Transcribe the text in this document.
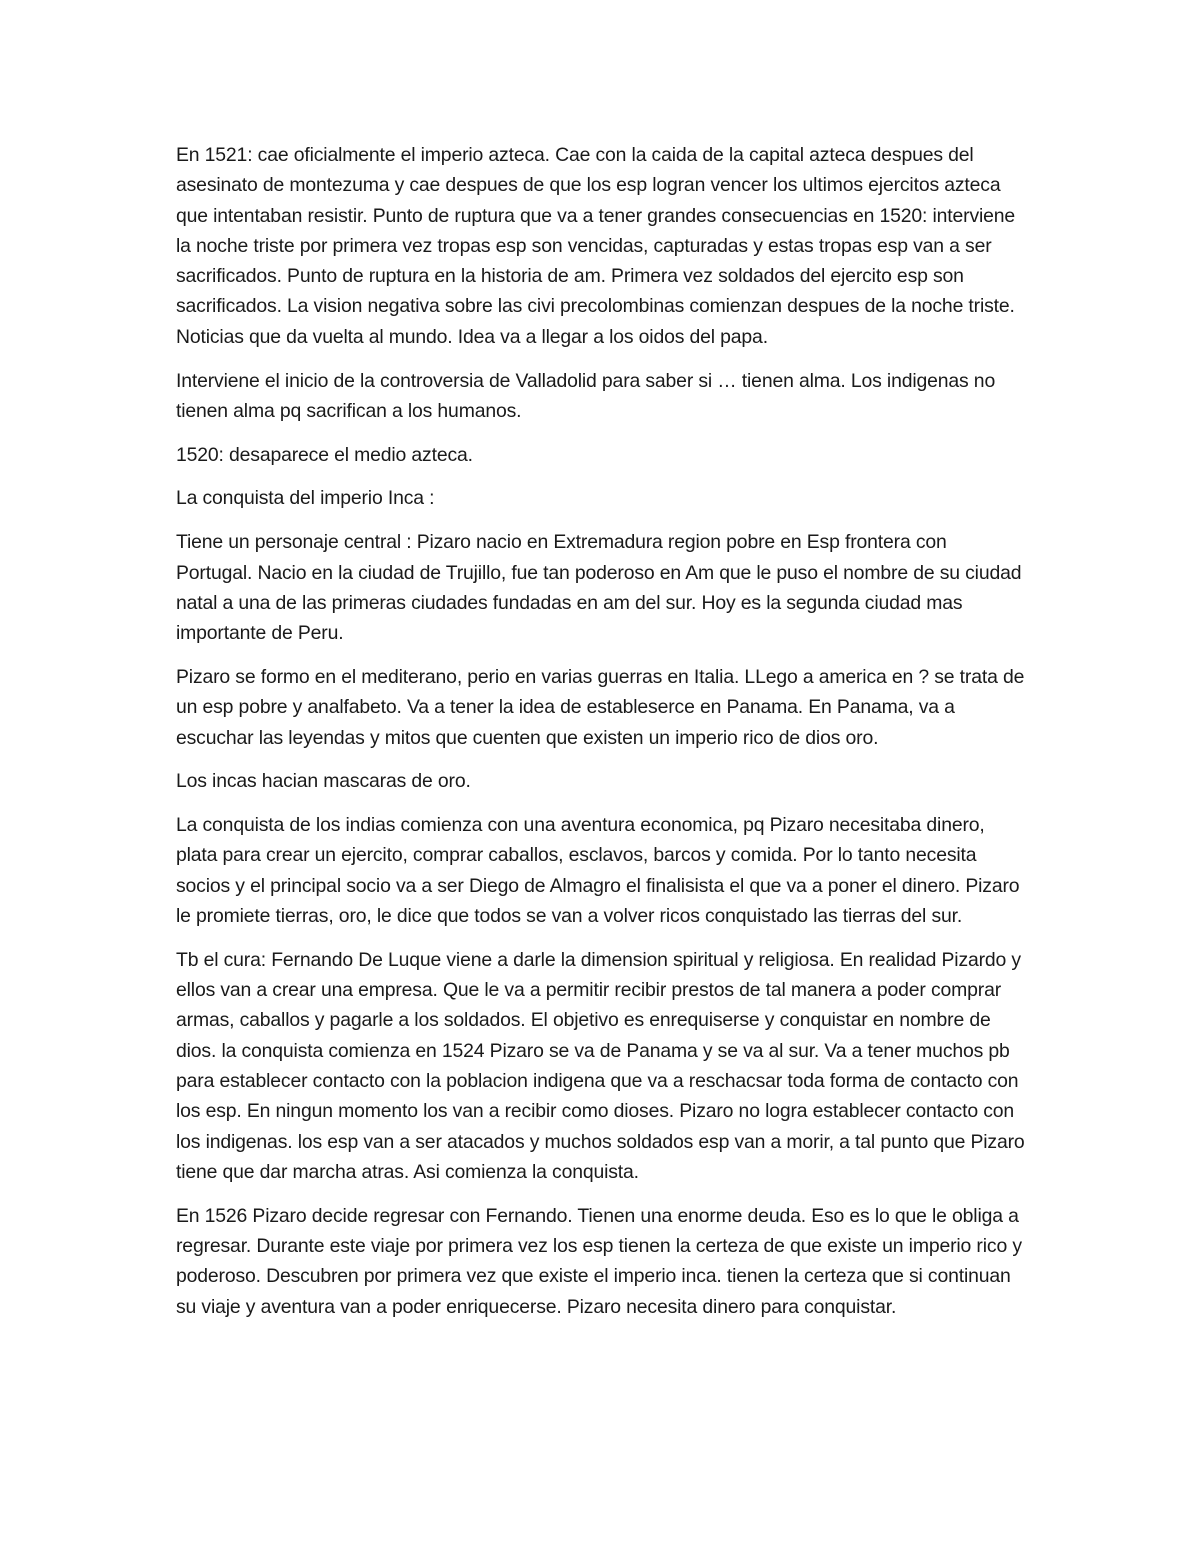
En 1521: cae oficialmente el imperio azteca. Cae con la caida de la capital azteca despues del asesinato de montezuma y cae despues de que los esp logran vencer los ultimos ejercitos azteca que intentaban resistir. Punto de ruptura que va a tener grandes consecuencias en 1520: interviene la noche triste por primera vez tropas esp son vencidas, capturadas y estas tropas esp van a ser sacrificados. Punto de ruptura en la historia de am. Primera vez soldados del ejercito esp son sacrificados. La vision negativa sobre las civi precolombinas comienzan despues de la noche triste. Noticias que da vuelta al mundo. Idea va a llegar a los oidos del papa.

Interviene el inicio de la controversia de Valladolid para saber si … tienen alma. Los indigenas no tienen alma pq sacrifican a los humanos.

1520: desaparece el medio azteca.

La conquista del imperio Inca :

Tiene un personaje central : Pizaro nacio en Extremadura region pobre en Esp frontera con Portugal. Nacio en la ciudad de Trujillo, fue tan poderoso en Am que le puso el nombre de su ciudad natal a una de las primeras ciudades fundadas en am del sur. Hoy es la segunda ciudad mas importante de Peru.

Pizaro se formo en el mediterano, perio en varias guerras en Italia. LLego a america en ? se trata de un esp pobre y analfabeto. Va a tener la idea de estableserce en Panama. En Panama, va a escuchar las leyendas y mitos que cuenten que existen un imperio rico de dios oro.

Los incas hacian mascaras de oro.

La conquista de los indias comienza con una aventura economica, pq Pizaro necesitaba dinero, plata para crear un ejercito, comprar caballos, esclavos, barcos y comida. Por lo tanto necesita socios y el principal socio va a ser Diego de Almagro el finalisista el que va a poner el dinero. Pizaro le promiete tierras, oro, le dice que todos se van a volver ricos conquistado las tierras del sur.

Tb el cura: Fernando De Luque viene a darle la dimension spiritual y religiosa. En realidad Pizardo y ellos van a crear una empresa. Que le va a permitir recibir prestos de tal manera a poder comprar armas, caballos y pagarle a los soldados. El objetivo es enrequiserse y conquistar en nombre de dios. la conquista comienza en 1524 Pizaro se va de Panama y se va al sur. Va a tener muchos pb para establecer contacto con la poblacion indigena que va a reschacsar toda forma de contacto con los esp. En ningun momento los van a recibir como dioses. Pizaro no logra establecer contacto con los indigenas. los esp van a ser atacados y muchos soldados esp van a morir, a tal punto que Pizaro tiene que dar marcha atras. Asi comienza la conquista.

En 1526 Pizaro decide regresar con Fernando. Tienen una enorme deuda. Eso es lo que le obliga a regresar. Durante este viaje por primera vez los esp tienen la certeza de que existe un imperio rico y poderoso. Descubren por primera vez que existe el imperio inca. tienen la certeza que si continuan su viaje y aventura van a poder enriquecerse. Pizaro necesita dinero para conquistar.
